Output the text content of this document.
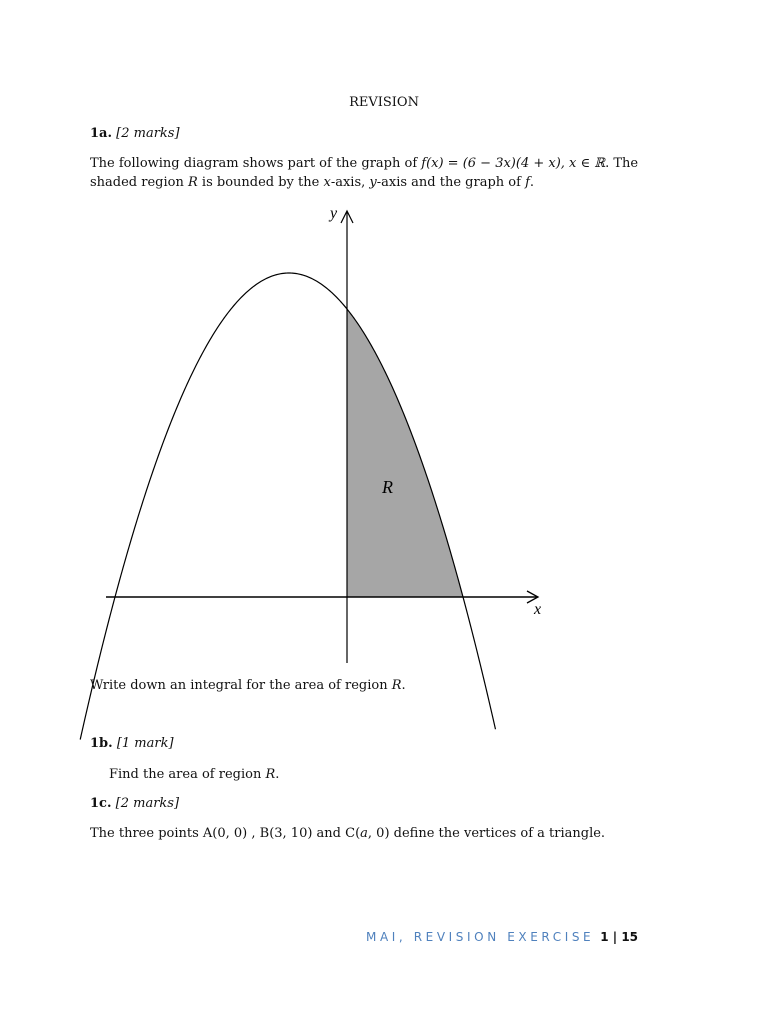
REVISION
1a. [2 marks]
The following diagram shows part of the graph of f(x) = (6 − 3x)(4 + x), x ∈ ℝ. The
shaded region R is bounded by the x-axis, y-axis and the graph of f.
x
y
R
Write down an integral for the area of region R.
1b. [1 mark]
Find the area of region R.
1c. [2 marks]
The three points A(0, 0) , B(3, 10) and C(a, 0) define the vertices of a triangle.
MAI, REVISION EXERCISE 1 | 15
